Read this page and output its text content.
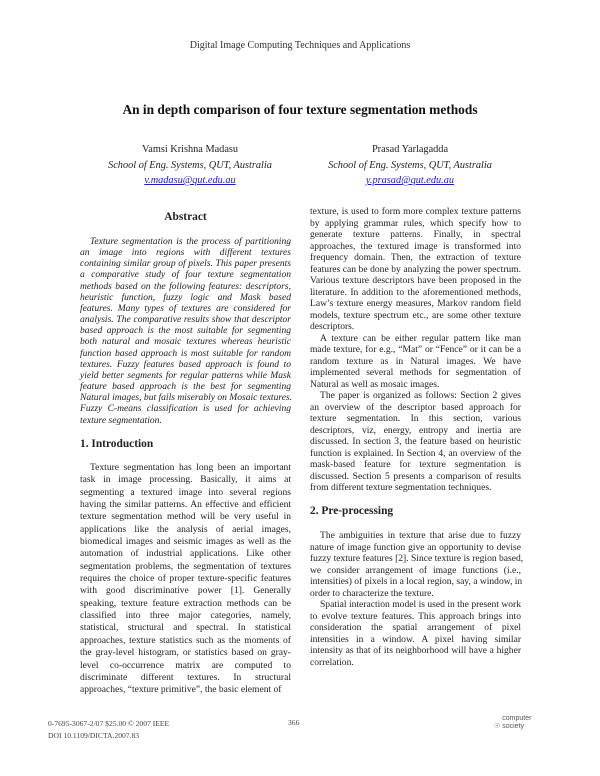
Digital Image Computing Techniques and Applications
An in depth comparison of four texture segmentation methods
Vamsi Krishna Madasu
School of Eng. Systems, QUT, Australia
v.madasu@qut.edu.au
Prasad Yarlagadda
School of Eng. Systems, QUT, Australia
y.prasad@qut.edu.au
Abstract
Texture segmentation is the process of partitioning
an image into regions with different textures
containing similar group of pixels. This paper presents
a comparative study of four texture segmentation
methods based on the following features: descriptors,
heuristic function, fuzzy logic and Mask based
features. Many types of textures are considered for
analysis. The comparative results show that descriptor
based approach is the most suitable for segmenting
both natural and mosaic textures whereas heuristic
function based approach is most suitable for random
textures. Fuzzy features based approach is found to
yield better segments for regular patterns while Mask
feature based approach is the best for segmenting
Natural images, but fails miserably on Mosaic textures.
Fuzzy C-means classification is used for achieving
texture segmentation.
1. Introduction
Texture segmentation has long been an important
task in image processing. Basically, it aims at
segmenting a textured image into several regions
having the similar patterns. An effective and efficient
texture segmentation method will be very useful in
applications like the analysis of aerial images,
biomedical images and seismic images as well as the
automation of industrial applications. Like other
segmentation problems, the segmentation of textures
requires the choice of proper texture-specific features
with good discriminative power [1]. Generally
speaking, texture feature extraction methods can be
classified into three major categories, namely,
statistical, structural and spectral. In statistical
approaches, texture statistics such as the moments of
the gray-level histogram, or statistics based on gray-
level co-occurrence matrix are computed to
discriminate different textures. In structural
approaches, “texture primitive”, the basic element of
texture, is used to form more complex texture patterns
by applying grammar rules, which specify how to
generate texture patterns. Finally, in spectral
approaches, the textured image is transformed into
frequency domain. Then, the extraction of texture
features can be done by analyzing the power spectrum.
Various texture descriptors have been proposed in the
literature. In addition to the aforementioned methods,
Law’s texture energy measures, Markov random field
models, texture spectrum etc., are some other texture
descriptors.
A texture can be either regular pattern like man
made texture, for e.g., “Mat” or “Fence” or it can be a
random texture as in Natural images. We have
implemented several methods for segmentation of
Natural as well as mosaic images.
The paper is organized as follows: Section 2 gives
an overview of the descriptor based approach for
texture segmentation. In this section, various
descriptors, viz, energy, entropy and inertia are
discussed. In section 3, the feature based on heuristic
function is explained. In Section 4, an overview of the
mask-based feature for texture segmentation is
discussed. Section 5 presents a comparison of results
from different texture segmentation techniques.
2. Pre-processing
The ambiguities in texture that arise due to fuzzy
nature of image function give an opportunity to devise
fuzzy texture features [2]. Since texture is region based,
we consider arrangement of image functions (i.e.,
intensities) of pixels in a local region, say, a window, in
order to characterize the texture.
Spatial interaction model is used in the present work
to evolve texture features. This approach brings into
consideration the spatial arrangement of pixel
intensities in a window. A pixel having similar
intensity as that of its neighborhood will have a higher
correlation.
0-7695-3067-2/07 $25.00 © 2007 IEEE
DOI 10.1109/DICTA.2007.83
366	☉ computer society
